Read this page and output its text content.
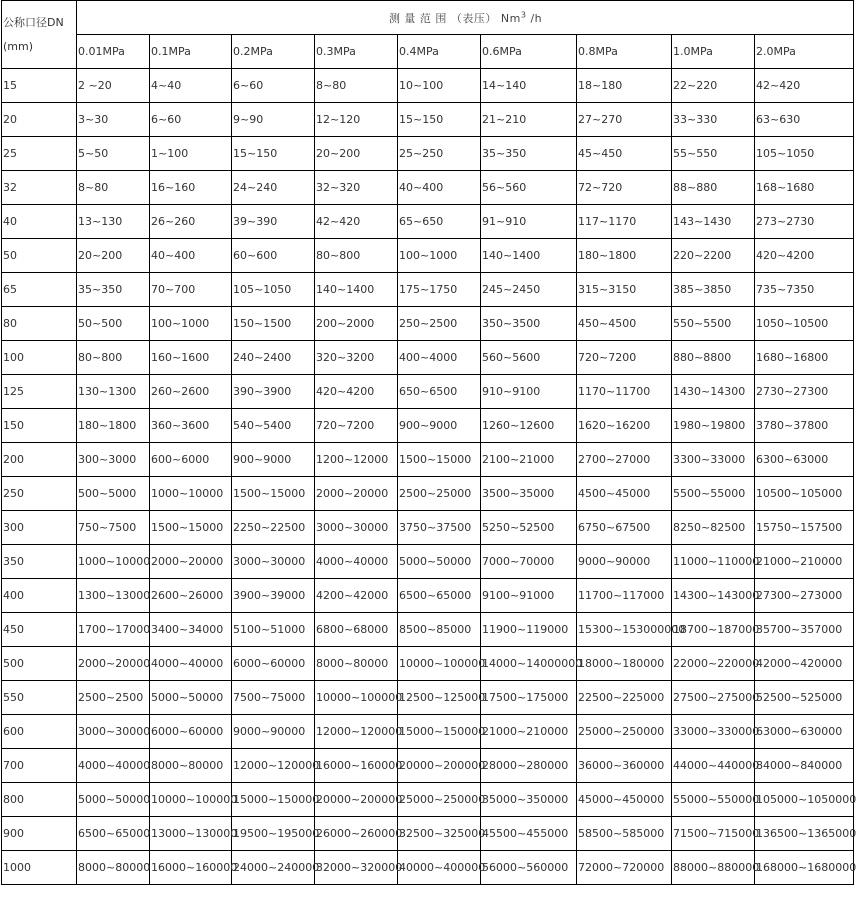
公称口径DN
(mm)	测 量 范 围 （表压） Nm$^3$ /h								
	0.01MPa	0.1MPa	0.2MPa	0.3MPa	0.4MPa	0.6MPa	0.8MPa	1.0MPa	2.0MPa
15	2 ~20	4~40	6~60	8~80	10~100	14~140	18~180	22~220	42~420
20	3~30	6~60	9~90	12~120	15~150	21~210	27~270	33~330	63~630
25	5~50	1~100	15~150	20~200	25~250	35~350	45~450	55~550	105~1050
32	8~80	16~160	24~240	32~320	40~400	56~560	72~720	88~880	168~1680
40	13~130	26~260	39~390	42~420	65~650	91~910	117~1170	143~1430	273~2730
50	20~200	40~400	60~600	80~800	100~1000	140~1400	180~1800	220~2200	420~4200
65	35~350	70~700	105~1050	140~1400	175~1750	245~2450	315~3150	385~3850	735~7350
80	50~500	100~1000	150~1500	200~2000	250~2500	350~3500	450~4500	550~5500	1050~10500
100	80~800	160~1600	240~2400	320~3200	400~4000	560~5600	720~7200	880~8800	1680~16800
125	130~1300	260~2600	390~3900	420~4200	650~6500	910~9100	1170~11700	1430~14300	2730~27300
150	180~1800	360~3600	540~5400	720~7200	900~9000	1260~12600	1620~16200	1980~19800	3780~37800
200	300~3000	600~6000	900~9000	1200~12000	1500~15000	2100~21000	2700~27000	3300~33000	6300~63000
250	500~5000	1000~10000	1500~15000	2000~20000	2500~25000	3500~35000	4500~45000	5500~55000	10500~105000
300	750~7500	1500~15000	2250~22500	3000~30000	3750~37500	5250~52500	6750~67500	8250~82500	15750~157500
350	1000~10000	2000~20000	3000~30000	4000~40000	5000~50000	7000~70000	9000~90000	11000~110000	21000~210000
400	1300~13000	2600~26000	3900~39000	4200~42000	6500~65000	9100~91000	11700~117000	14300~143000	27300~273000
450	1700~17000	3400~34000	5100~51000	6800~68000	8500~85000	11900~119000	15300~153000000	18700~187000	35700~357000
500	2000~20000	4000~40000	6000~60000	8000~80000	10000~100000	14000~14000000	18000~180000	22000~220000	42000~420000
550	2500~2500	5000~50000	7500~75000	10000~100000	12500~125000	17500~175000	22500~225000	27500~275000	52500~525000
600	3000~30000	6000~60000	9000~90000	12000~120000	15000~150000	21000~210000	25000~250000	33000~330000	63000~630000
700	4000~40000	8000~80000	12000~120000	16000~160000	20000~200000	28000~280000	36000~360000	44000~440000	84000~840000
800	5000~50000	10000~100000	15000~150000	20000~200000	25000~250000	35000~350000	45000~450000	55000~550000	105000~1050000
900	6500~65000	13000~130000	19500~195000	26000~260000	32500~325000	45500~455000	58500~585000	71500~715000	136500~1365000
1000	8000~80000	16000~160000	24000~240000	32000~320000	40000~400000	56000~560000	72000~720000	88000~880000	168000~1680000
